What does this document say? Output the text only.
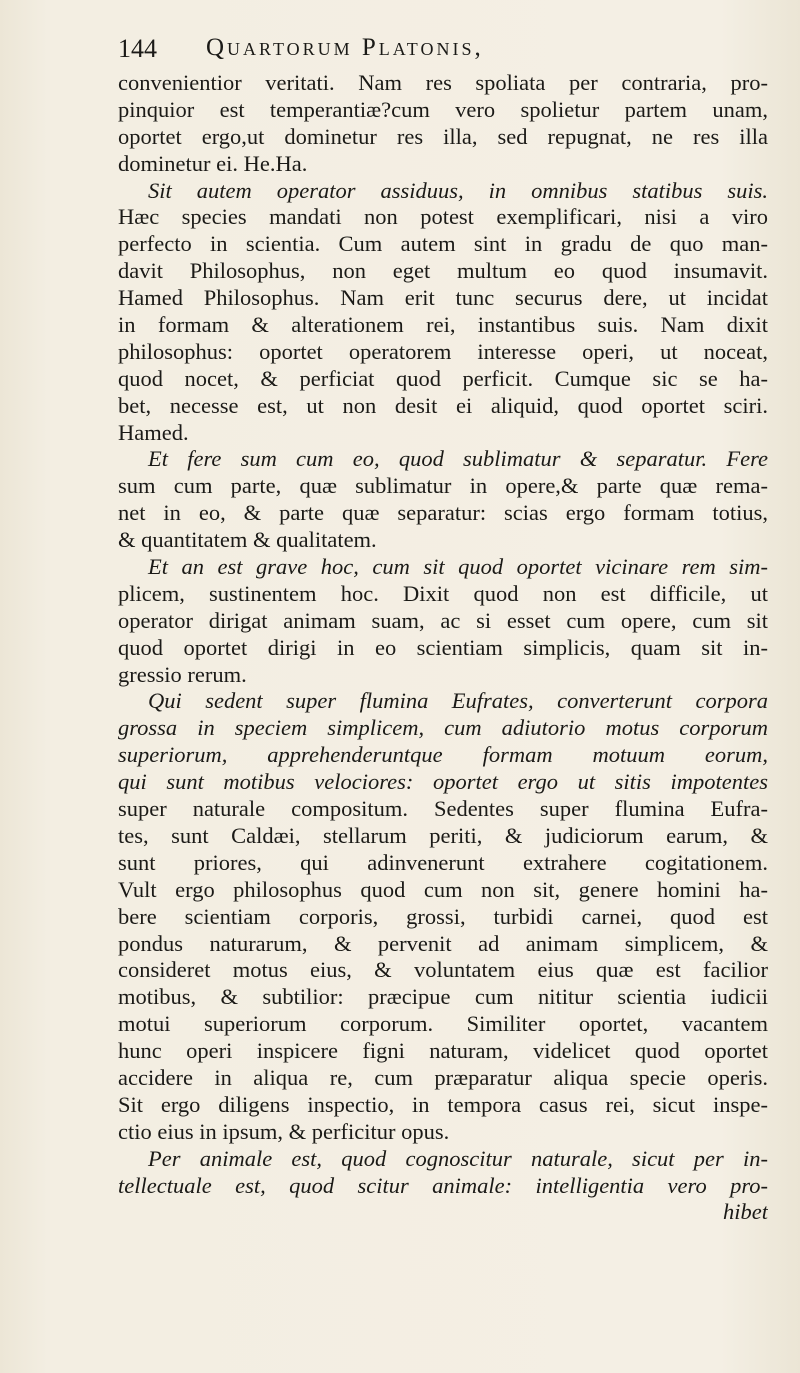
144 Quartorum Platonis,
convenientior veritati. Nam res spoliata per contraria, pro-
pinquior est temperantiæ?cum vero spolietur partem unam,
oportet ergo,ut dominetur res illa, sed repugnat, ne res illa
dominetur ei. He.Ha.
Sit autem operator assiduus, in omnibus statibus suis.
Hæc species mandati non potest exemplificari, nisi a viro
perfecto in scientia. Cum autem sint in gradu de quo man-
davit Philosophus, non eget multum eo quod insumavit.
Hamed Philosophus. Nam erit tunc securus dere, ut incidat
in formam & alterationem rei, instantibus suis. Nam dixit
philosophus: oportet operatorem interesse operi, ut noceat,
quod nocet, & perficiat quod perficit. Cumque sic se ha-
bet, necesse est, ut non desit ei aliquid, quod oportet sciri.
Hamed.
Et fere sum cum eo, quod sublimatur & separatur. Fere
sum cum parte, quæ sublimatur in opere,& parte quæ rema-
net in eo, & parte quæ separatur: scias ergo formam totius,
& quantitatem & qualitatem.
Et an est grave hoc, cum sit quod oportet vicinare rem sim-
plicem, sustinentem hoc. Dixit quod non est difficile, ut
operator dirigat animam suam, ac si esset cum opere, cum sit
quod oportet dirigi in eo scientiam simplicis, quam sit in-
gressio rerum.
Qui sedent super flumina Eufrates, converterunt corpora
grossa in speciem simplicem, cum adiutorio motus corporum
superiorum, apprehenderuntque formam motuum eorum,
qui sunt motibus velociores: oportet ergo ut sitis impotentes
super naturale compositum. Sedentes super flumina Eufra-
tes, sunt Caldæi, stellarum periti, & judiciorum earum, &
sunt priores, qui adinvenerunt extrahere cogitationem.
Vult ergo philosophus quod cum non sit, genere homini ha-
bere scientiam corporis, grossi, turbidi carnei, quod est
pondus naturarum, & pervenit ad animam simplicem, &
consideret motus eius, & voluntatem eius quæ est facilior
motibus, & subtilior: præcipue cum nititur scientia iudicii
motui superiorum corporum. Similiter oportet, vacantem
hunc operi inspicere figni naturam, videlicet quod oportet
accidere in aliqua re, cum præparatur aliqua specie operis.
Sit ergo diligens inspectio, in tempora casus rei, sicut inspe-
ctio eius in ipsum, & perficitur opus.
Per animale est, quod cognoscitur naturale, sicut per in-
tellectuale est, quod scitur animale: intelligentia vero pro-
hibet
